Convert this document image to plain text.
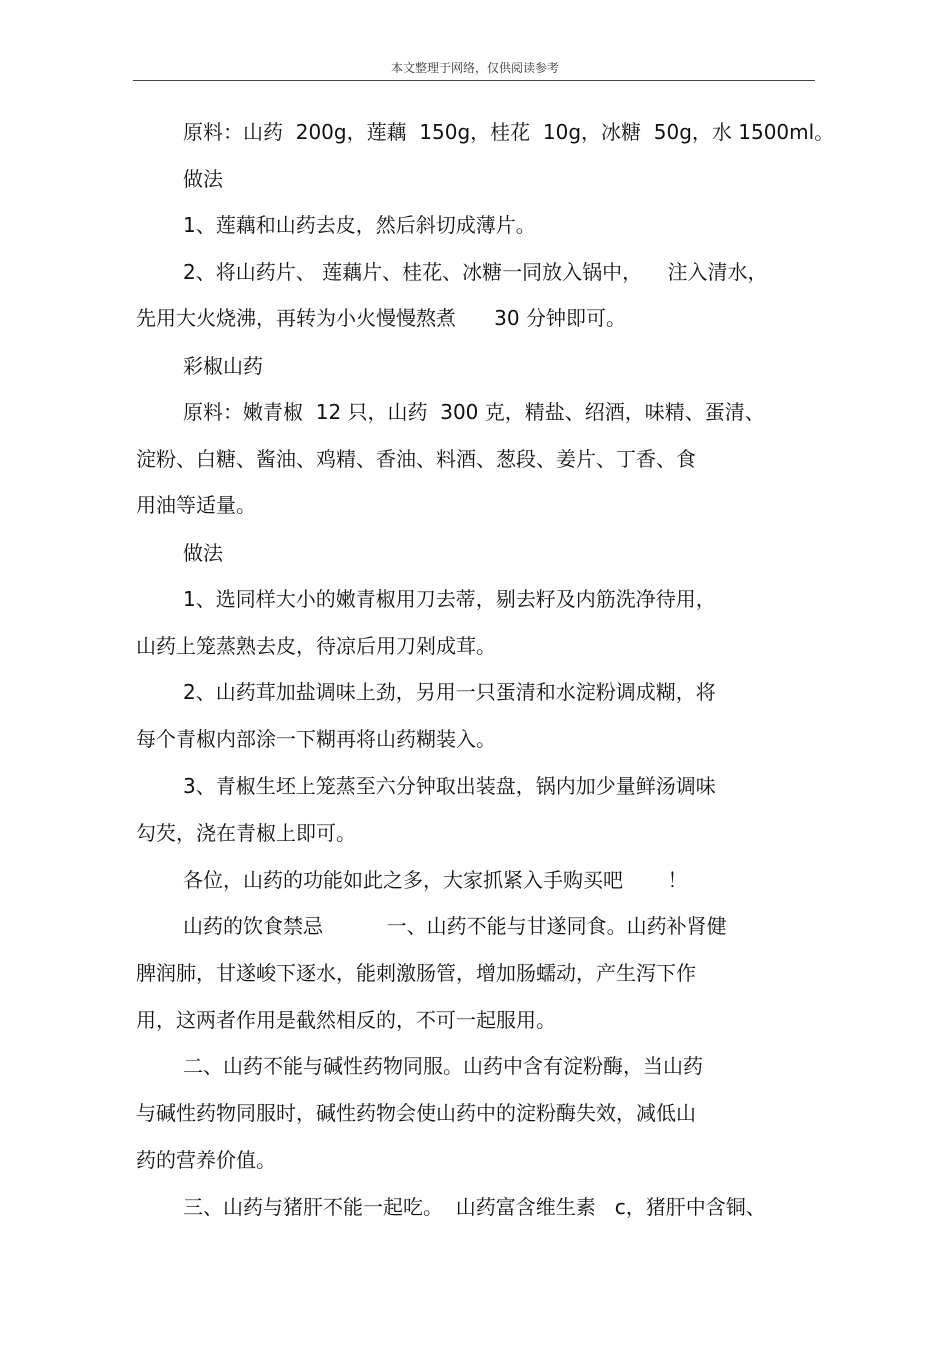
本文整理于网络，仅供阅读参考
原料：山药  200g，莲藕  150g，桂花  10g，冰糖  50g，水 1500ml。
做法
1、莲藕和山药去皮，然后斜切成薄片。
2、将山药片、 莲藕片、桂花、冰糖一同放入锅中，    注入清水，
先用大火烧沸，再转为小火慢慢熬煮      30 分钟即可。
彩椒山药
原料：嫩青椒  12 只，山药  300 克，精盐、绍酒，味精、蛋清、
淀粉、白糖、酱油、鸡精、香油、料酒、葱段、姜片、丁香、食
用油等适量。
做法
1、选同样大小的嫩青椒用刀去蒂，剔去籽及内筋洗净待用，
山药上笼蒸熟去皮，待凉后用刀剁成茸。
2、山药茸加盐调味上劲，另用一只蛋清和水淀粉调成糊，将
每个青椒内部涂一下糊再将山药糊装入。
3、青椒生坯上笼蒸至六分钟取出装盘，锅内加少量鲜汤调味
勾芡，浇在青椒上即可。
各位，山药的功能如此之多，大家抓紧入手购买吧       ！
山药的饮食禁忌          一、山药不能与甘遂同食。山药补肾健
脾润肺，甘遂峻下逐水，能刺激肠管，增加肠蠕动，产生泻下作
用，这两者作用是截然相反的，不可一起服用。
二、山药不能与碱性药物同服。山药中含有淀粉酶，当山药
与碱性药物同服时，碱性药物会使山药中的淀粉酶失效，减低山
药的营养价值。
三、山药与猪肝不能一起吃。  山药富含维生素   c，猪肝中含铜、
